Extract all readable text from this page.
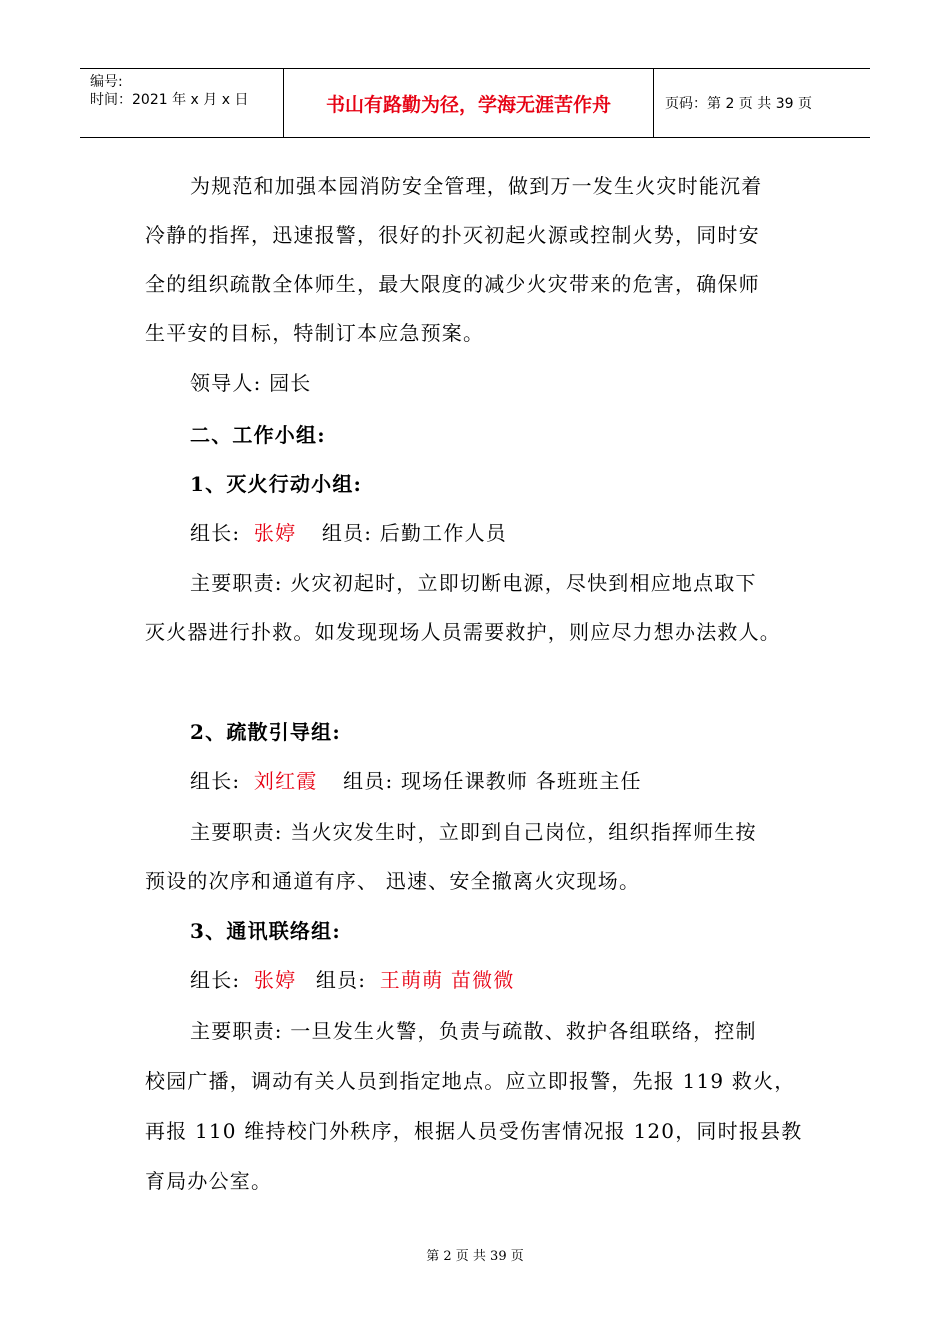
编号:
时间：2021 年 x 月 x 日	书山有路勤为径，学海无涯苦作舟	页码：第 2 页 共 39 页
为规范和加强本园消防安全管理，做到万一发生火灾时能沉着
冷静的指挥，迅速报警，很好的扑灭初起火源或控制火势，同时安
全的组织疏散全体师生，最大限度的减少火灾带来的危害，确保师
生平安的目标，特制订本应急预案。
领导人: 园长
二、工作小组:
1、灭火行动小组:
组长: 张婷 组员: 后勤工作人员
主要职责: 火灾初起时，立即切断电源，尽快到相应地点取下
灭火器进行扑救。如发现现场人员需要救护，则应尽力想办法救人。
2、疏散引导组:
组长: 刘红霞 组员: 现场任课教师 各班班主任
主要职责: 当火灾发生时，立即到自己岗位，组织指挥师生按
预设的次序和通道有序、 迅速、安全撤离火灾现场。
3、通讯联络组:
组长: 张婷 组员: 王萌萌 苗微微
主要职责: 一旦发生火警，负责与疏散、救护各组联络，控制
校园广播，调动有关人员到指定地点。应立即报警，先报 119 救火，
再报 110 维持校门外秩序，根据人员受伤害情况报 120，同时报县教
育局办公室。
第 2 页 共 39 页
